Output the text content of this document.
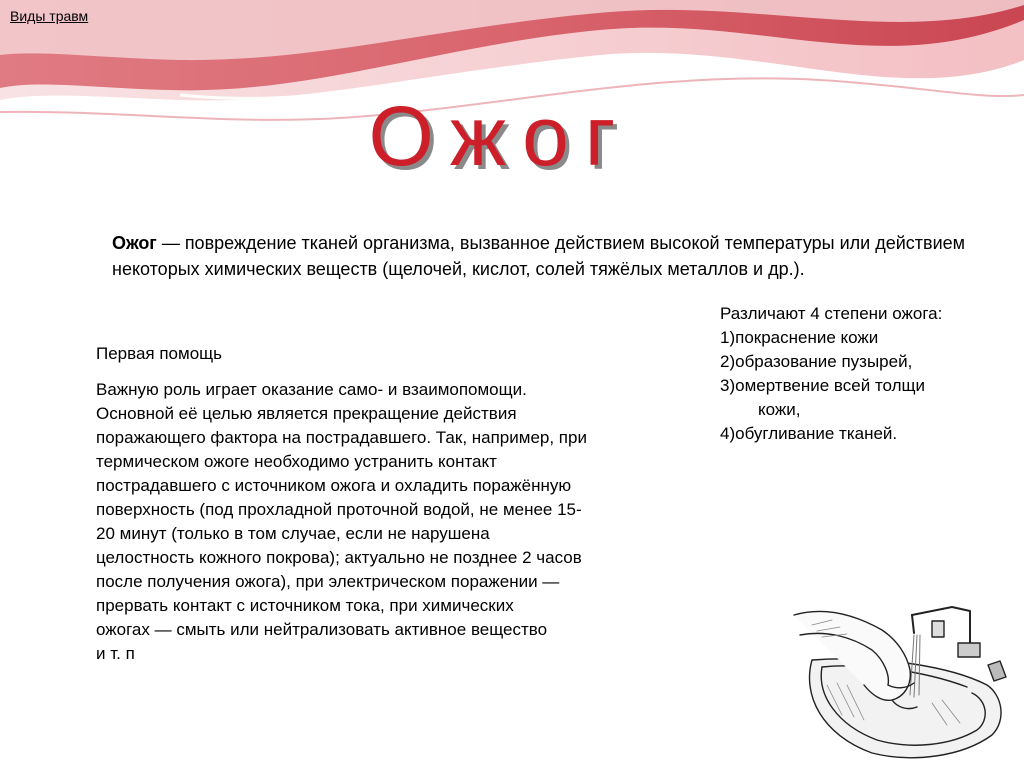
Виды травм
Ожог
Ожог — повреждение тканей организма, вызванное действием высокой температуры или действием некоторых химических веществ (щелочей, кислот, солей тяжёлых металлов и др.).
Различают 4 степени ожога:
1)покраснение кожи
2)образование пузырей,
3)омертвение всей толщи
кожи,
4)обугливание тканей.
Первая помощь
Важную роль играет оказание само- и взаимопомощи.
Основной её целью является прекращение действия
поражающего фактора на пострадавшего. Так, например, при
термическом ожоге необходимо устранить контакт
пострадавшего с источником ожога и охладить поражённую
поверхность (под прохладной проточной водой, не менее 15-
20 минут (только в том случае, если не нарушена
целостность кожного покрова); актуально не позднее 2 часов
после получения ожога), при электрическом поражении —
прервать контакт с источником тока, при химических
ожогах — смыть или нейтрализовать активное вещество
и т. п
